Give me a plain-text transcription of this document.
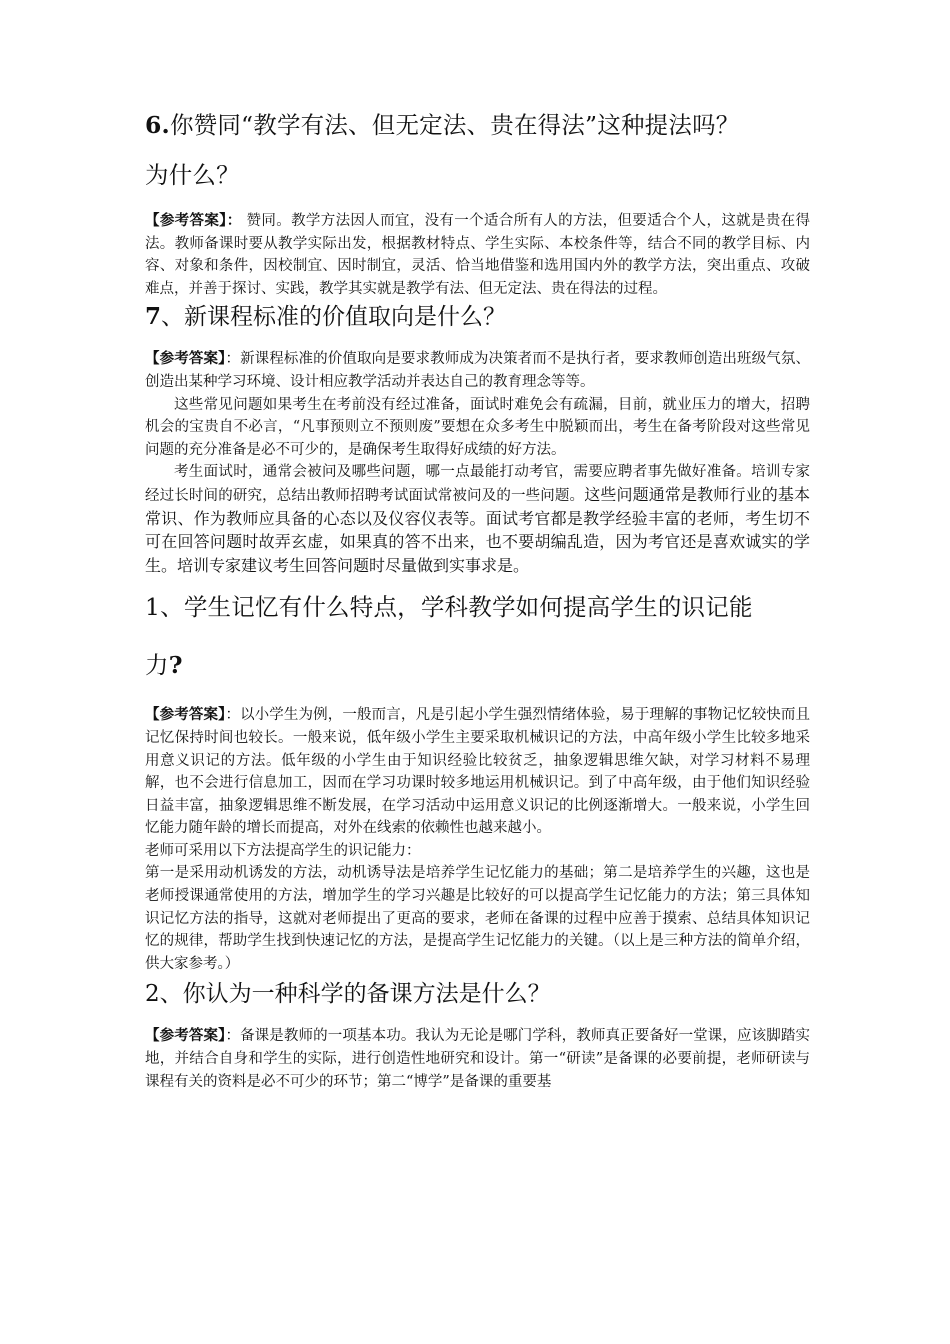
6.你赞同“教学有法、但无定法、贵在得法”这种提法吗？
为什么？

【参考答案】： 赞同。教学方法因人而宜，没有一个适合所有人的方法，但要适合个人，这就是贵在得法。教师备课时要从教学实际出发，根据教材特点、学生实际、本校条件等，结合不同的教学目标、内容、对象和条件，因校制宜、因时制宜，灵活、恰当地借鉴和选用国内外的教学方法，突出重点、攻破难点，并善于探讨、实践，教学其实就是教学有法、但无定法、贵在得法的过程。

7、新课程标准的价值取向是什么？

【参考答案】：新课程标准的价值取向是要求教师成为决策者而不是执行者，要求教师创造出班级气氛、创造出某种学习环境、设计相应教学活动并表达自己的教育理念等等。

这些常见问题如果考生在考前没有经过准备，面试时难免会有疏漏，目前，就业压力的增大，招聘机会的宝贵自不必言，“凡事预则立不预则废”要想在众多考生中脱颖而出，考生在备考阶段对这些常见问题的充分准备是必不可少的，是确保考生取得好成绩的好方法。

考生面试时，通常会被问及哪些问题，哪一点最能打动考官，需要应聘者事先做好准备。培训专家经过长时间的研究，总结出教师招聘考试面试常被问及的一些问题。这些问题通常是教师行业的基本常识、作为教师应具备的心态以及仪容仪表等。面试考官都是教学经验丰富的老师，考生切不可在回答问题时故弄玄虚，如果真的答不出来，也不要胡编乱造，因为考官还是喜欢诚实的学生。培训专家建议考生回答问题时尽量做到实事求是。

1、学生记忆有什么特点，学科教学如何提高学生的识记能
力?

【参考答案】：以小学生为例，一般而言，凡是引起小学生强烈情绪体验，易于理解的事物记忆较快而且记忆保持时间也较长。一般来说，低年级小学生主要采取机械识记的方法，中高年级小学生比较多地采用意义识记的方法。低年级的小学生由于知识经验比较贫乏，抽象逻辑思维欠缺，对学习材料不易理解，也不会进行信息加工，因而在学习功课时较多地运用机械识记。到了中高年级，由于他们知识经验日益丰富，抽象逻辑思维不断发展，在学习活动中运用意义识记的比例逐渐增大。一般来说，小学生回忆能力随年龄的增长而提高，对外在线索的依赖性也越来越小。

老师可采用以下方法提高学生的识记能力：

第一是采用动机诱发的方法，动机诱导法是培养学生记忆能力的基础；第二是培养学生的兴趣，这也是老师授课通常使用的方法，增加学生的学习兴趣是比较好的可以提高学生记忆能力的方法；第三具体知识记忆方法的指导，这就对老师提出了更高的要求，老师在备课的过程中应善于摸索、总结具体知识记忆的规律，帮助学生找到快速记忆的方法，是提高学生记忆能力的关键。（以上是三种方法的简单介绍，供大家参考。）

2、你认为一种科学的备课方法是什么？

【参考答案】：备课是教师的一项基本功。我认为无论是哪门学科，教师真正要备好一堂课，应该脚踏实地，并结合自身和学生的实际，进行创造性地研究和设计。第一“研读”是备课的必要前提，老师研读与课程有关的资料是必不可少的环节；第二“博学”是备课的重要基
